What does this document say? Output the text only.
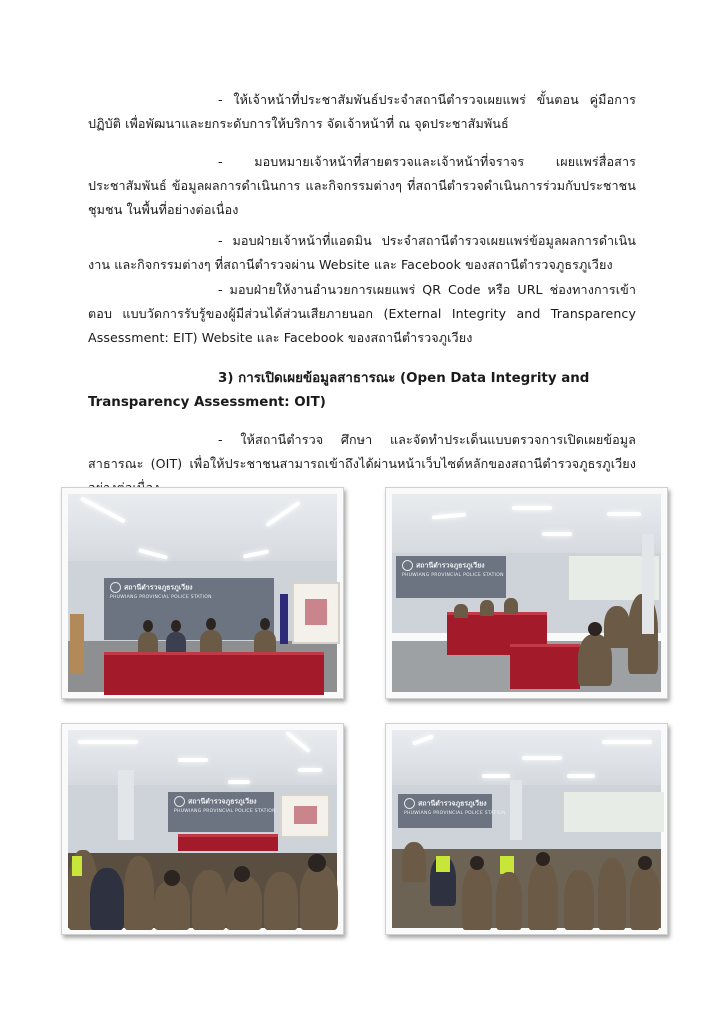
- ให้เจ้าหน้าที่ประชาสัมพันธ์ประจำสถานีตำรวจเผยแพร่ ขั้นตอน คู่มือการปฏิบัติ เพื่อพัฒนาและยกระดับการให้บริการ จัดเจ้าหน้าที่ ณ จุดประชาสัมพันธ์
- มอบหมายเจ้าหน้าที่สายตรวจและเจ้าหน้าที่จราจร เผยแพร่สื่อสารประชาสัมพันธ์ ข้อมูลผลการดำเนินการ และกิจกรรมต่างๆ ที่สถานีตำรวจดำเนินการร่วมกับประชาชน ชุมชน ในพื้นที่อย่างต่อเนื่อง
- มอบฝ่ายเจ้าหน้าที่แอดมิน ประจำสถานีตำรวจเผยแพร่ข้อมูลผลการดำเนินงาน และกิจกรรมต่างๆ ที่สถานีตำรวจผ่าน Website และ Facebook ของสถานีตำรวจภูธรภูเวียง
- มอบฝ่ายให้งานอำนวยการเผยแพร่ QR Code หรือ URL ช่องทางการเข้าตอบ แบบวัดการรับรู้ของผู้มีส่วนได้ส่วนเสียภายนอก (External Integrity and Transparency Assessment: EIT) Website และ Facebook ของสถานีตำรวจภูเวียง
3) การเปิดเผยข้อมูลสาธารณะ (Open Data Integrity and Transparency Assessment: OIT)
- ให้สถานีตำรวจ ศึกษา และจัดทำประเด็นแบบตรวจการเปิดเผยข้อมูลสาธารณะ (OIT) เพื่อให้ประชาชนสามารถเข้าถึงได้ผ่านหน้าเว็บไซต์หลักของสถานีตำรวจภูธรภูเวียง
สถานีตำรวจภูธรภูเวียง
PHUWIANG PROVINCIAL POLICE STATION
สถานีตำรวจภูธรภูเวียง
PHUWIANG PROVINCIAL POLICE STATION
สถานีตำรวจภูธรภูเวียง
PHUWIANG PROVINCIAL POLICE STATION
สถานีตำรวจภูธรภูเวียง
PHUWIANG PROVINCIAL POLICE STATION
